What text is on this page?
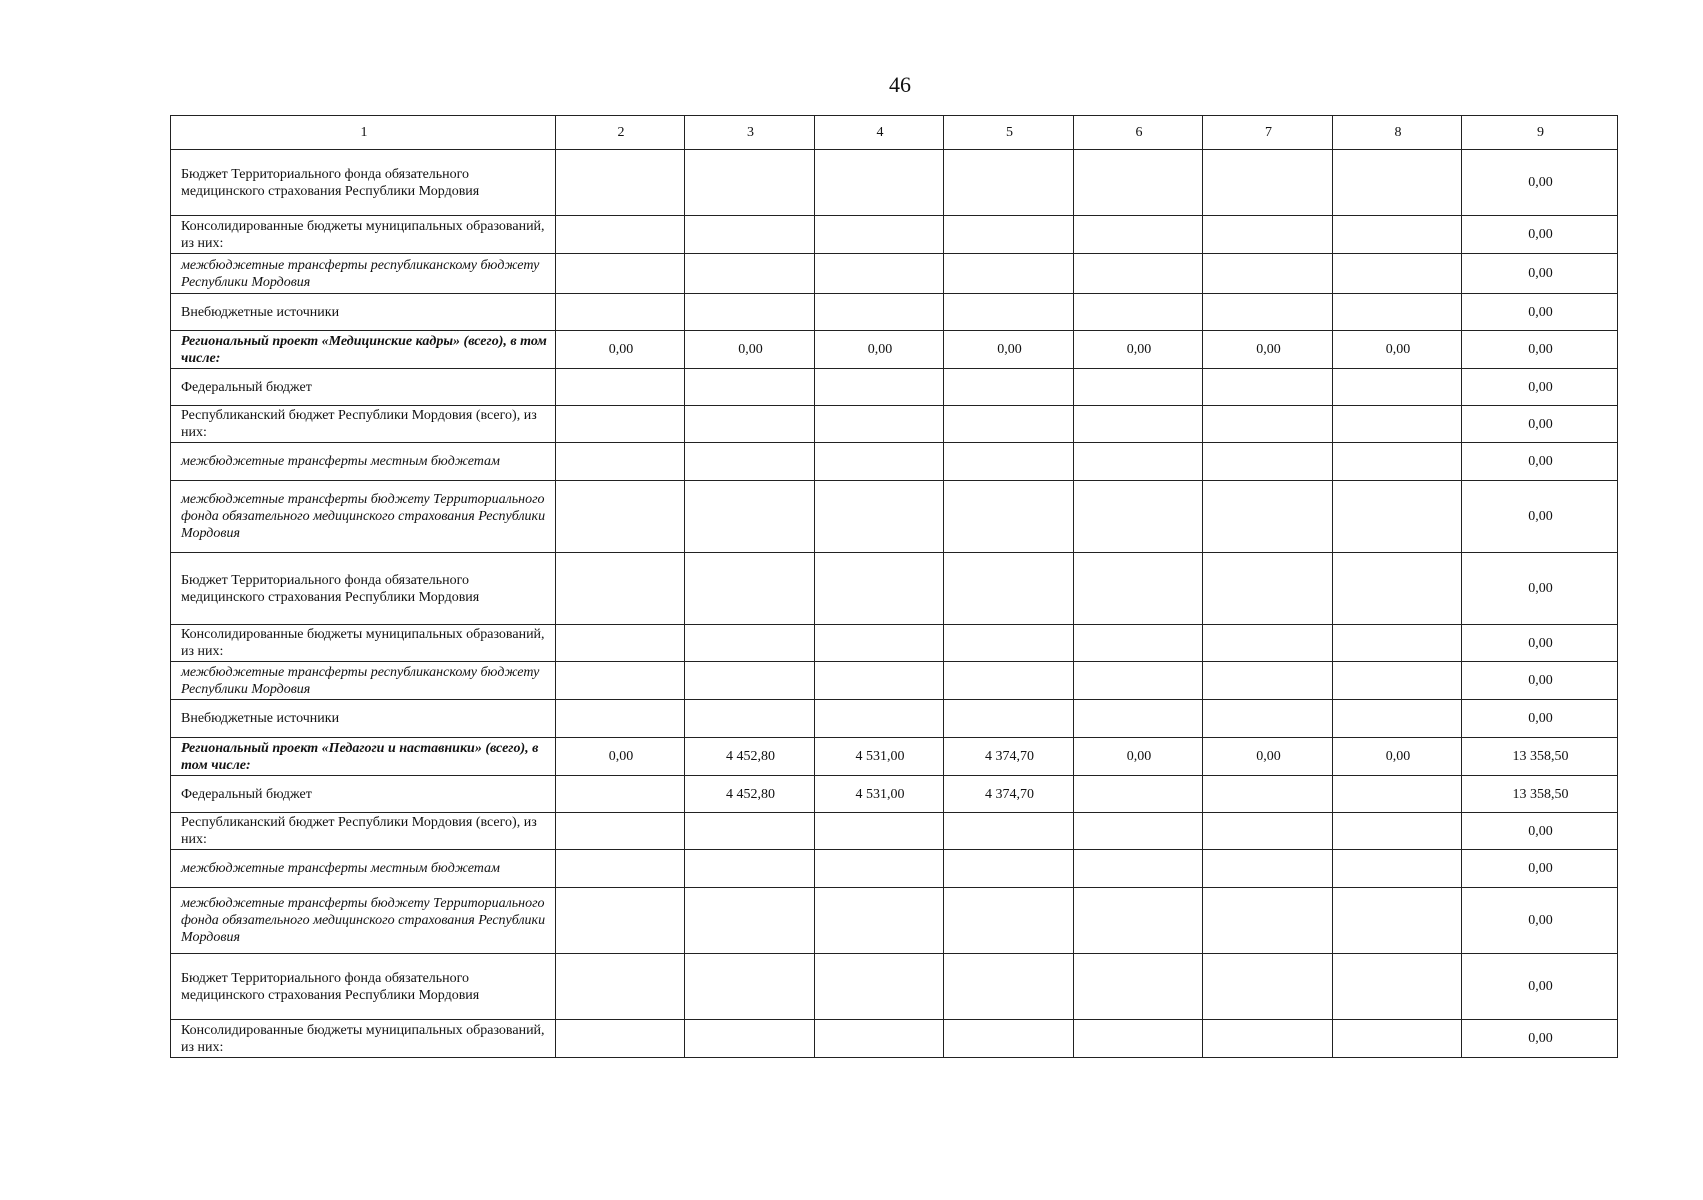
46
1	2	3	4	5	6	7	8	9
Бюджет Территориального фонда обязательного медицинского страхования Республики Мордовия								0,00
Консолидированные бюджеты муниципальных образований, из них:								0,00
межбюджетные трансферты республиканскому бюджету Республики Мордовия								0,00
Внебюджетные источники								0,00
Региональный проект «Медицинские кадры» (всего), в том числе:	0,00	0,00	0,00	0,00	0,00	0,00	0,00	0,00
Федеральный бюджет								0,00
Республиканский бюджет Республики Мордовия (всего), из них:								0,00
межбюджетные трансферты местным бюджетам								0,00
межбюджетные трансферты бюджету Территориального фонда обязательного медицинского страхования Республики Мордовия								0,00
Бюджет Территориального фонда обязательного медицинского страхования Республики Мордовия								0,00
Консолидированные бюджеты муниципальных образований, из них:								0,00
межбюджетные трансферты республиканскому бюджету Республики Мордовия								0,00
Внебюджетные источники								0,00
Региональный проект «Педагоги и наставники» (всего), в том числе:	0,00	4 452,80	4 531,00	4 374,70	0,00	0,00	0,00	13 358,50
Федеральный бюджет		4 452,80	4 531,00	4 374,70				13 358,50
Республиканский бюджет Республики Мордовия (всего), из них:								0,00
межбюджетные трансферты местным бюджетам								0,00
межбюджетные трансферты бюджету Территориального фонда обязательного медицинского страхования Республики Мордовия								0,00
Бюджет Территориального фонда обязательного медицинского страхования Республики Мордовия								0,00
Консолидированные бюджеты муниципальных образований, из них:								0,00
